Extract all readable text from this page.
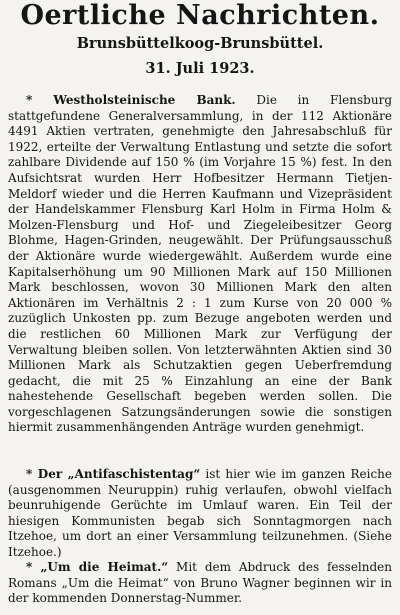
Oertliche Nachrichten.
Brunsbüttelkoog-Brunsbüttel.
31. Juli 1923.

* Westholsteinische Bank. Die in Flensburg stattgefundene Generalversammlung, in der 112 Aktionäre 4491 Aktien vertraten, genehmigte den Jahresabschluß für 1922, erteilte der Verwaltung Entlastung und setzte die sofort zahlbare Dividende auf 150 % (im Vorjahre 15 %) fest. In den Aufsichtsrat wurden Herr Hofbesitzer Hermann Tietjen-Meldorf wieder und die Herren Kaufmann und Vizepräsident der Handelskammer Flensburg Karl Holm in Firma Holm & Molzen-Flensburg und Hof- und Ziegeleibesitzer Georg Blohme, Hagen-Grinden, neugewählt. Der Prüfungsausschuß der Aktionäre wurde wiedergewählt. Außerdem wurde eine Kapitalserhöhung um 90 Millionen Mark auf 150 Millionen Mark beschlossen, wovon 30 Millionen Mark den alten Aktionären im Verhältnis 2 : 1 zum Kurse von 20 000 % zuzüglich Unkosten pp. zum Bezuge angeboten werden und die restlichen 60 Millionen Mark zur Verfügung der Verwaltung bleiben sollen. Von letzterwähnten Aktien sind 30 Millionen Mark als Schutzaktien gegen Ueberfremdung gedacht, die mit 25 % Einzahlung an eine der Bank nahestehende Gesellschaft begeben werden sollen. Die vorgeschlagenen Satzungsänderungen sowie die sonstigen hiermit zusammenhängenden Anträge wurden genehmigt.

* Der „Antifaschistentag“ ist hier wie im ganzen Reiche (ausgenommen Neuruppin) ruhig verlaufen, obwohl vielfach beunruhigende Gerüchte im Umlauf waren. Ein Teil der hiesigen Kommunisten begab sich Sonntagmorgen nach Itzehoe, um dort an einer Versammlung teilzunehmen. (Siehe Itzehoe.)

* „Um die Heimat.“ Mit dem Abdruck des fesselnden Romans „Um die Heimat“ von Bruno Wagner beginnen wir in der kommenden Donnerstag-Nummer.
